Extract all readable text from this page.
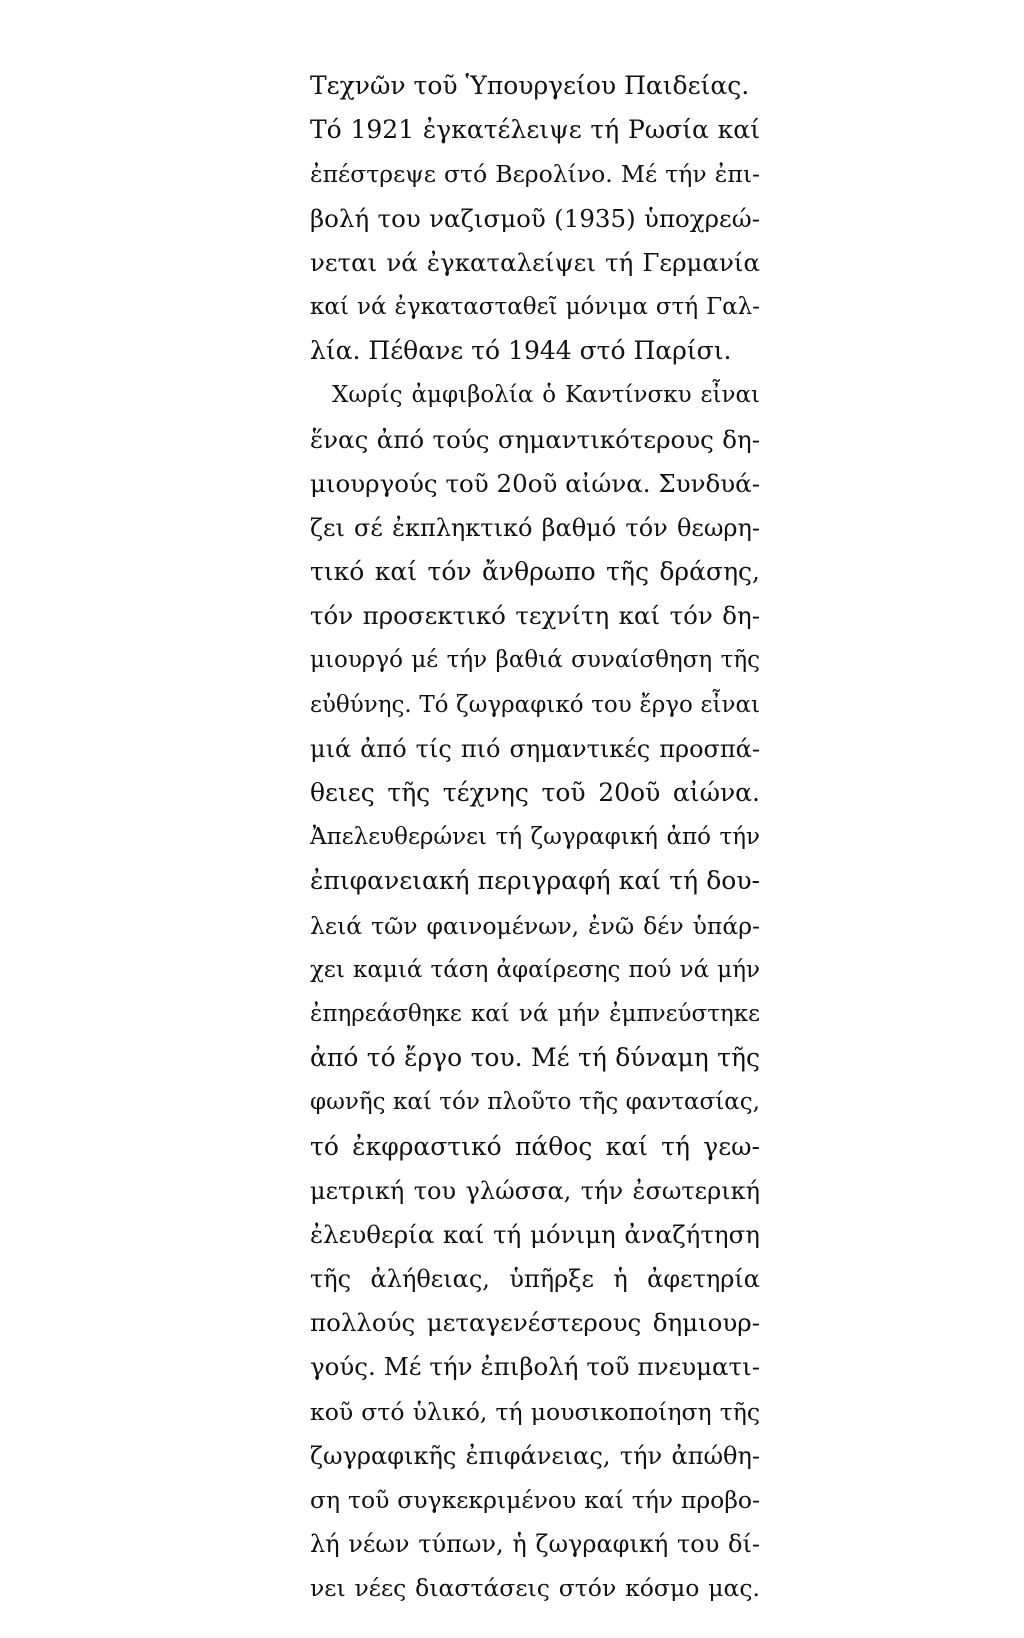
Τεχνῶν τοῦ Ὑπουργείου Παιδείας.
Τό 1921 ἐγκατέλειψε τή Ρωσία καί
ἐπέστρεψε στό Βερολίνο. Μέ τήν ἐπι-
βολή του ναζισμοῦ (1935) ὑποχρεώ-
νεται νά ἐγκαταλείψει τή Γερμανία
καί νά ἐγκατασταθεῖ μόνιμα στή Γαλ-
λία. Πέθανε τό 1944 στό Παρίσι.
Χωρίς ἀμφιβολία ὁ Καντίνσκυ εἶναι
ἕνας ἀπό τούς σημαντικότερους δη-
μιουργούς τοῦ 20οῦ αἰώνα. Συνδυά-
ζει σέ ἐκπληκτικό βαθμό τόν θεωρη-
τικό καί τόν ἄνθρωπο τῆς δράσης,
τόν προσεκτικό τεχνίτη καί τόν δη-
μιουργό μέ τήν βαθιά συναίσθηση τῆς
εὐθύνης. Τό ζωγραφικό του ἔργο εἶναι
μιά ἀπό τίς πιό σημαντικές προσπά-
θειες τῆς τέχνης τοῦ 20οῦ αἰώνα.
Ἀπελευθερώνει τή ζωγραφική ἀπό τήν
ἐπιφανειακή περιγραφή καί τή δου-
λειά τῶν φαινομένων, ἐνῶ δέν ὑπάρ-
χει καμιά τάση ἀφαίρεσης πού νά μήν
ἐπηρεάσθηκε καί νά μήν ἐμπνεύστηκε
ἀπό τό ἔργο του. Μέ τή δύναμη τῆς
φωνῆς καί τόν πλοῦτο τῆς φαντασίας,
τό ἐκφραστικό πάθος καί τή γεω-
μετρική του γλώσσα, τήν ἐσωτερική
ἐλευθερία καί τή μόνιμη ἀναζήτηση
τῆς ἀλήθειας, ὑπῆρξε ἡ ἀφετηρία
πολλούς μεταγενέστερους δημιουρ-
γούς. Μέ τήν ἐπιβολή τοῦ πνευματι-
κοῦ στό ὑλικό, τή μουσικοποίηση τῆς
ζωγραφικῆς ἐπιφάνειας, τήν ἀπώθη-
ση τοῦ συγκεκριμένου καί τήν προβο-
λή νέων τύπων, ἡ ζωγραφική του δί-
νει νέες διαστάσεις στόν κόσμο μας.
